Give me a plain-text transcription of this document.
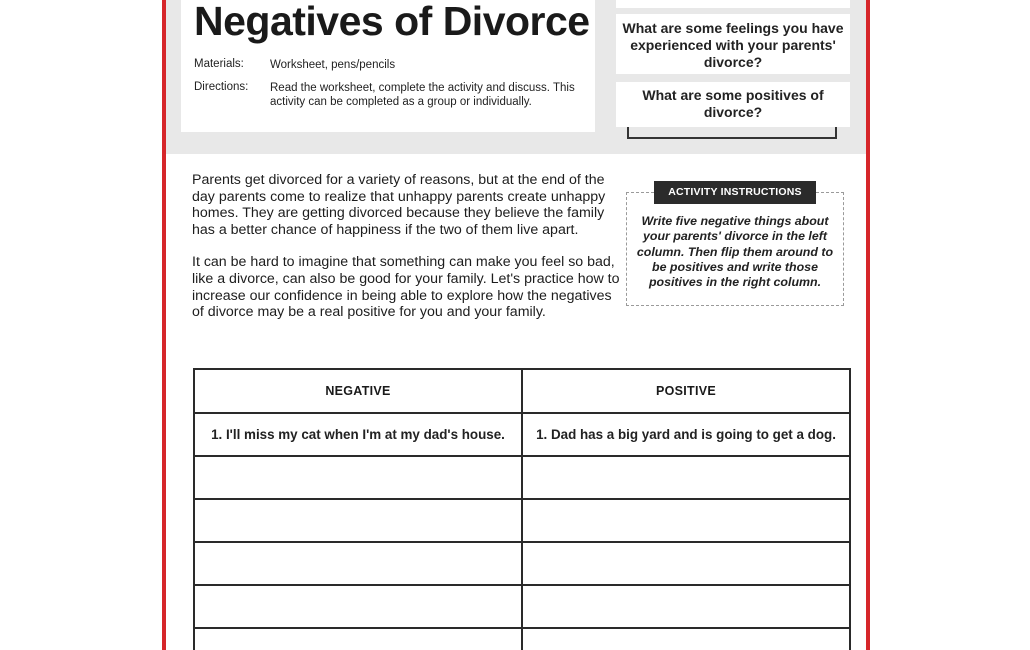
Negatives of Divorce
Materials: Worksheet, pens/pencils
Directions: Read the worksheet, complete the activity and discuss. This activity can be completed as a group or individually.
What are some feelings you have experienced with your parents' divorce?
What are some positives of divorce?

Parents get divorced for a variety of reasons, but at the end of the day parents come to realize that unhappy parents create unhappy homes. They are getting divorced because they believe the family has a better chance of happiness if the two of them live apart.

It can be hard to imagine that something can make you feel so bad, like a divorce, can also be good for your family. Let's practice how to increase our confidence in being able to explore how the negatives of divorce may be a real positive for you and your family.

ACTIVITY INSTRUCTIONS
Write five negative things about your parents' divorce in the left column. Then flip them around to be positives and write those positives in the right column.
NEGATIVE	POSITIVE
1. I'll miss my cat when I'm at my dad's house.	1. Dad has a big yard and is going to get a dog.
